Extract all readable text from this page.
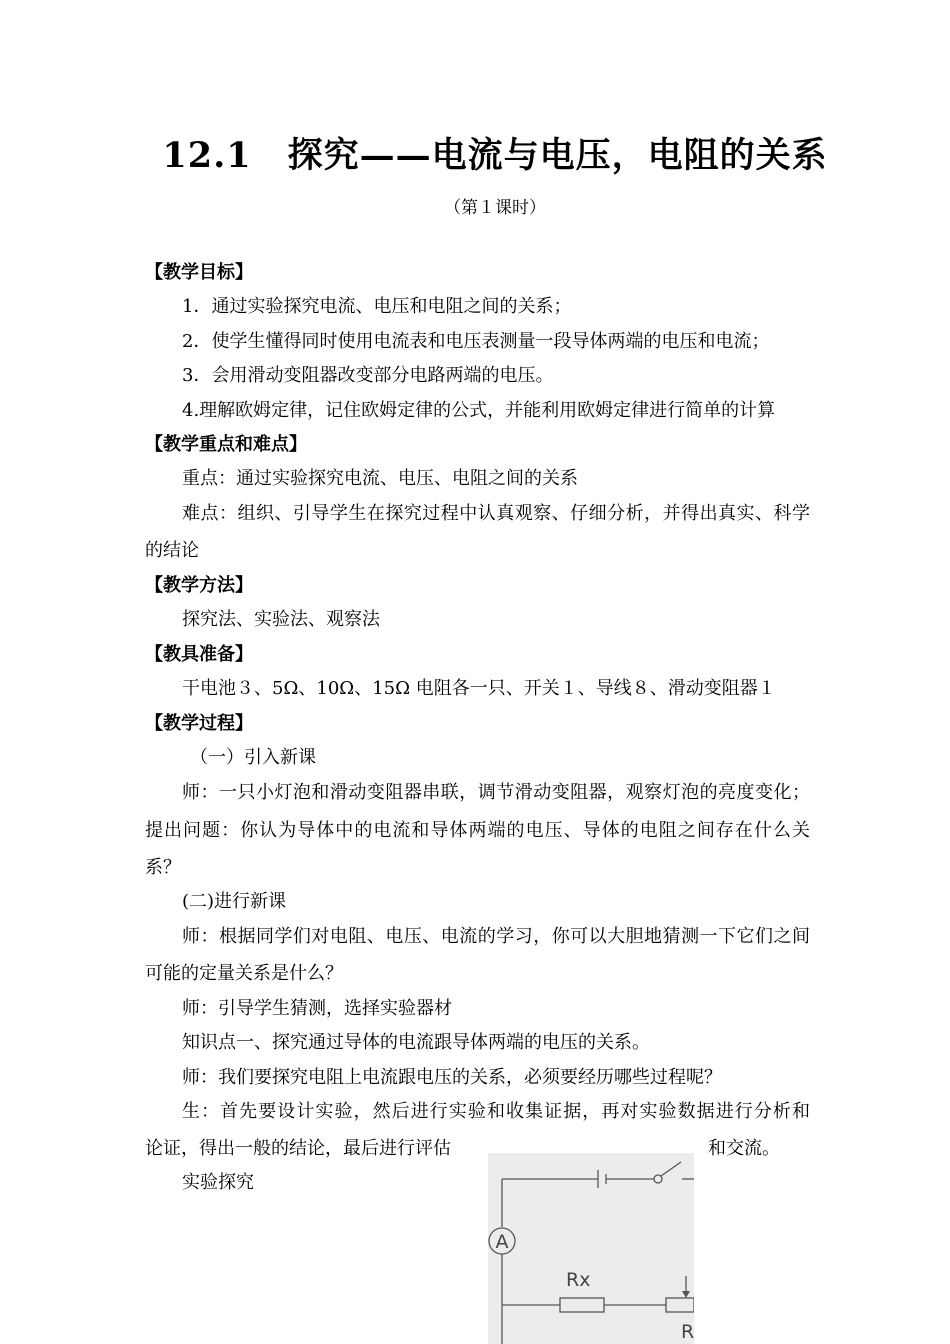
12.1　探究——电流与电压，电阻的关系
（第１课时）
【教学目标】
1．通过实验探究电流、电压和电阻之间的关系；
2．使学生懂得同时使用电流表和电压表测量一段导体两端的电压和电流；
3．会用滑动变阻器改变部分电路两端的电压。
4.理解欧姆定律，记住欧姆定律的公式，并能利用欧姆定律进行简单的计算
【教学重点和难点】
重点：通过实验探究电流、电压、电阻之间的关系
难点：组织、引导学生在探究过程中认真观察、仔细分析，并得出真实、科学
的结论
【教学方法】
探究法、实验法、观察法
【教具准备】
干电池３、5Ω、10Ω、15Ω 电阻各一只、开关１、导线８、滑动变阻器１
【教学过程】
（一）引入新课
师：一只小灯泡和滑动变阻器串联，调节滑动变阻器，观察灯泡的亮度变化；
提出问题：你认为导体中的电流和导体两端的电压、导体的电阻之间存在什么关
系？
(二)进行新课
师：根据同学们对电阻、电压、电流的学习，你可以大胆地猜测一下它们之间
可能的定量关系是什么？
师：引导学生猜测，选择实验器材
知识点一、探究通过导体的电流跟导体两端的电压的关系。
师：我们要探究电阻上电流跟电压的关系，必须要经历哪些过程呢？
生：首先要设计实验，然后进行实验和收集证据，再对实验数据进行分析和
论证，得出一般的结论，最后进行评估	和交流。
实验探究
A
Rx
R
